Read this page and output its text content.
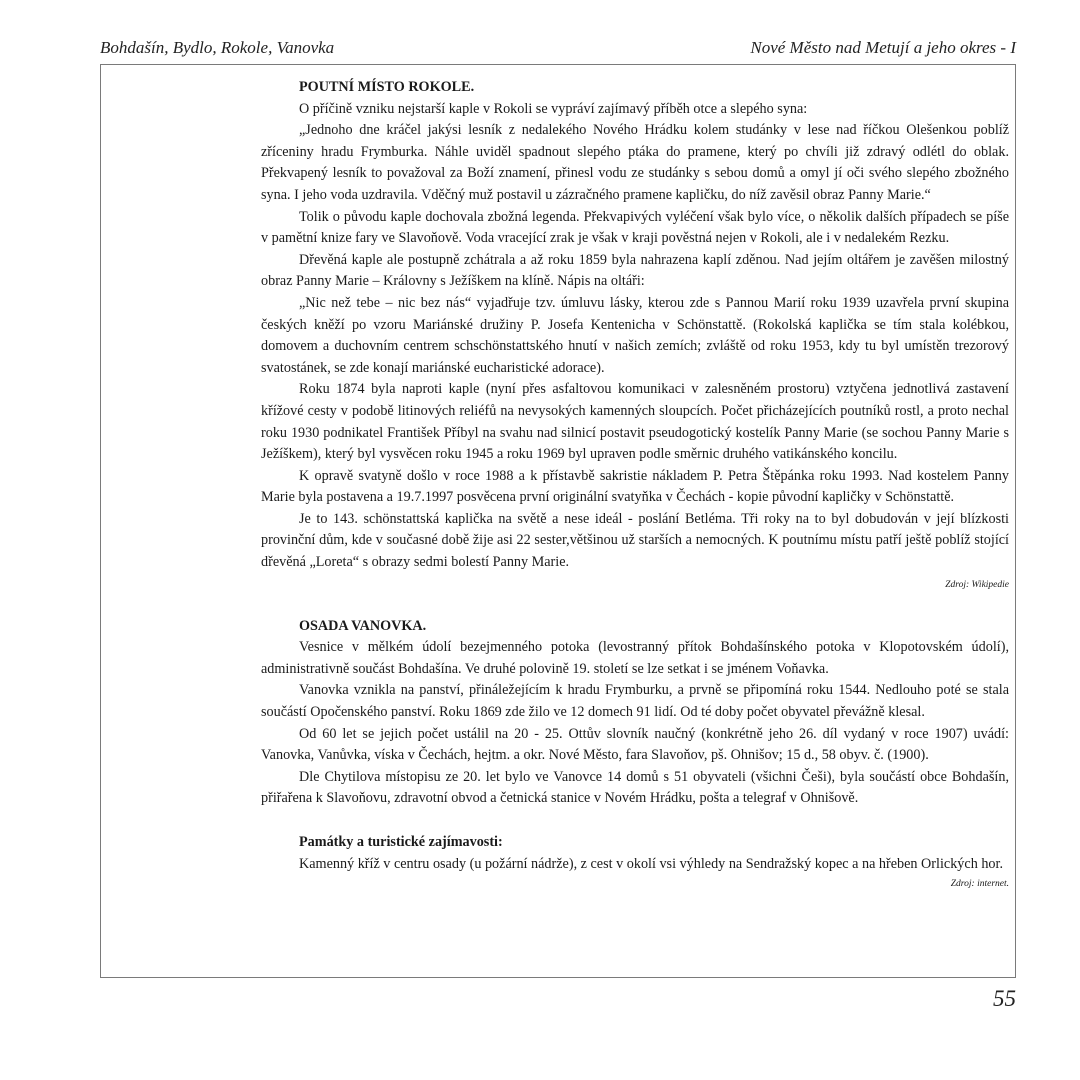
Bohdašín, Bydlo, Rokole, Vanovka	Nové Město nad Metují a jeho okres - I

POUTNÍ MÍSTO ROKOLE.

O příčině vzniku nejstarší kaple v Rokoli se vypráví zajímavý příběh otce a slepého syna:

„Jednoho dne kráčel jakýsi lesník z nedalekého Nového Hrádku kolem studánky v lese nad říčkou Olešenkou poblíž zříceniny hradu Frymburka. Náhle uviděl spadnout slepého ptáka do pramene, který po chvíli již zdravý odlétl do oblak. Překvapený lesník to považoval za Boží znamení, přinesl vodu ze studánky s sebou domů a omyl jí oči svého slepého zbožného syna. I jeho voda uzdravila. Vděčný muž postavil u zázračného pramene kapličku, do níž zavěsil obraz Panny Marie.“

Tolik o původu kaple dochovala zbožná legenda. Překvapivých vyléčení však bylo více, o několik dalších případech se píše v pamětní knize fary ve Slavoňově. Voda vracející zrak je však v kraji pověstná nejen v Rokoli, ale i v nedalekém Rezku.

Dřevěná kaple ale postupně zchátrala a až roku 1859 byla nahrazena kaplí zděnou. Nad jejím oltářem je zavěšen milostný obraz Panny Marie – Královny s Ježíškem na klíně. Nápis na oltáři:

„Nic než tebe – nic bez nás“ vyjadřuje tzv. úmluvu lásky, kterou zde s Pannou Marií roku 1939 uzavřela první skupina českých kněží po vzoru Mariánské družiny P. Josefa Kentenicha v Schönstattě. (Rokolská kaplička se tím stala kolébkou, domovem a duchovním centrem schschönstattského hnutí v našich zemích; zvláště od roku 1953, kdy tu byl umístěn trezorový svatostánek, se zde konají mariánské eucharistické adorace).

Roku 1874 byla naproti kaple (nyní přes asfaltovou komunikaci v zalesněném prostoru) vztyčena jednotlivá zastavení křížové cesty v podobě litinových reliéfů na nevysokých kamenných sloupcích. Počet přicházejících poutníků rostl, a proto nechal roku 1930 podnikatel František Příbyl na svahu nad silnicí postavit pseudogotický kostelík Panny Marie (se sochou Panny Marie s Ježíškem), který byl vysvěcen roku 1945 a roku 1969 byl upraven podle směrnic druhého vatikánského koncilu.

K opravě svatyně došlo v roce 1988 a k přístavbě sakristie nákladem P. Petra Štěpánka roku 1993. Nad kostelem Panny Marie byla postavena a 19.7.1997 posvěcena první originální svatyňka v Čechách - kopie původní kapličky v Schönstattě.

Je to 143. schönstattská kaplička na světě a nese ideál - poslání Betléma. Tři roky na to byl dobudován v její blízkosti provinční dům, kde v současné době žije asi 22 sester,většinou už starších a nemocných. K poutnímu místu patří ještě poblíž stojící dřevěná „Loreta“ s obrazy sedmi bolestí Panny Marie.

Zdroj: Wikipedie

OSADA VANOVKA.

Vesnice v mělkém údolí bezejmenného potoka (levostranný přítok Bohdašínského potoka v Klopotovském údolí), administrativně součást Bohdašína. Ve druhé polovině 19. století se lze setkat i se jménem Voňavka.

Vanovka vznikla na panství, přináležejícím k hradu Frymburku, a prvně se připomíná roku 1544. Nedlouho poté se stala součástí Opočenského panství. Roku 1869 zde žilo ve 12 domech 91 lidí. Od té doby počet obyvatel převážně klesal.

Od 60 let se jejich počet ustálil na 20 - 25. Ottův slovník naučný (konkrétně jeho 26. díl vydaný v roce 1907) uvádí: Vanovka, Vanůvka, víska v Čechách, hejtm. a okr. Nové Město, fara Slavoňov, pš. Ohnišov; 15 d., 58 obyv. č. (1900).

Dle Chytilova místopisu ze 20. let bylo ve Vanovce 14 domů s 51 obyvateli (všichni Češi), byla součástí obce Bohdašín, přiřařena k Slavoňovu, zdravotní obvod a četnická stanice v Novém Hrádku, pošta a telegraf v Ohnišově.

Památky a turistické zajímavosti:

Kamenný kříž v centru osady (u požární nádrže), z cest v okolí vsi výhledy na Sendražský kopec a na hřeben Orlických hor.

Zdroj: internet.

55
